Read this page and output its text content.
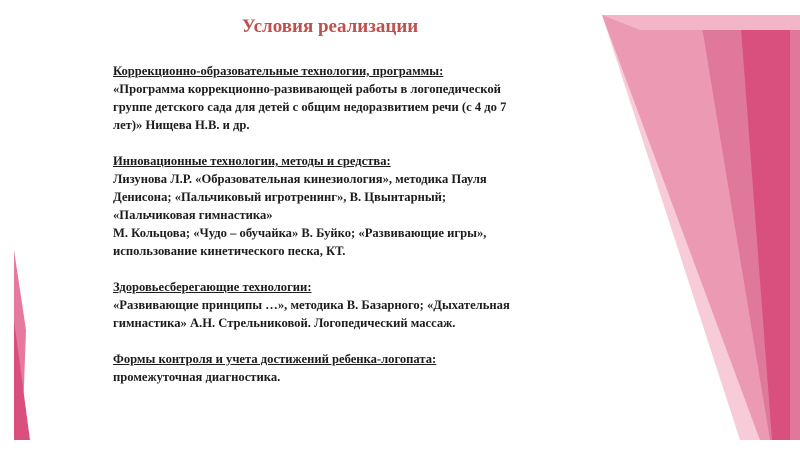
Условия реализации
Коррекционно-образовательные технологии, программы:
«Программа коррекционно-развивающей работы в логопедической
группе детского сада для детей с общим недоразвитием речи (с 4 до 7
лет)» Нищева Н.В. и др.
Инновационные технологии, методы и средства:
Лизунова Л.Р. «Образовательная кинезиология», методика Пауля
Денисона; «Пальчиковый игротренинг», В. Цвынтарный;
«Пальчиковая гимнастика»
М. Кольцова; «Чудо – обучайка» В. Буйко; «Развивающие игры»,
использование кинетического песка, КТ.
Здоровьесберегающие технологии:
«Развивающие принципы …», методика В. Базарного; «Дыхательная
гимнастика» А.Н. Стрельниковой. Логопедический массаж.
Формы контроля и учета достижений ребенка-логопата:
промежуточная диагностика.
